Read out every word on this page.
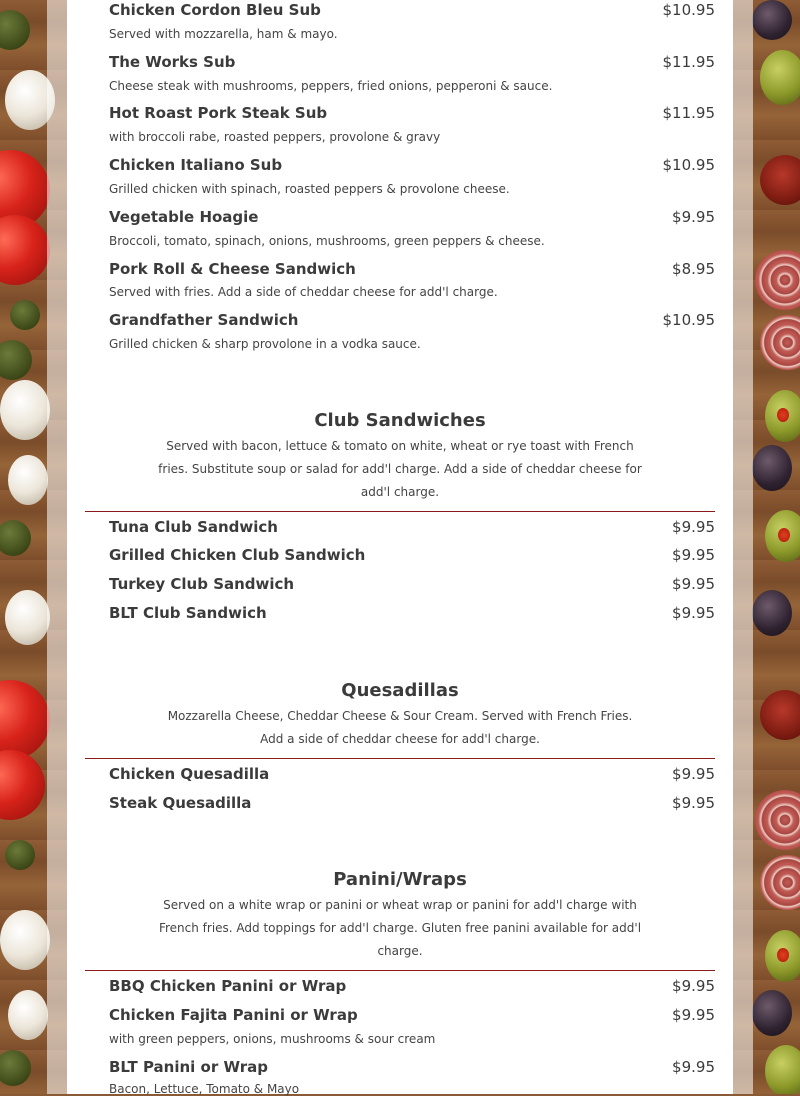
Chicken Cordon Bleu Sub	$10.95
Served with mozzarella, ham & mayo.
The Works Sub	$11.95
Cheese steak with mushrooms, peppers, fried onions, pepperoni & sauce.
Hot Roast Pork Steak Sub	$11.95
with broccoli rabe, roasted peppers, provolone & gravy
Chicken Italiano Sub	$10.95
Grilled chicken with spinach, roasted peppers & provolone cheese.
Vegetable Hoagie	$9.95
Broccoli, tomato, spinach, onions, mushrooms, green peppers & cheese.
Pork Roll & Cheese Sandwich	$8.95
Served with fries. Add a side of cheddar cheese for add'l charge.
Grandfather Sandwich	$10.95
Grilled chicken & sharp provolone in a vodka sauce.
Club Sandwiches
Served with bacon, lettuce & tomato on white, wheat or rye toast with French
fries. Substitute soup or salad for add'l charge. Add a side of cheddar cheese for
add'l charge.
Tuna Club Sandwich	$9.95
Grilled Chicken Club Sandwich	$9.95
Turkey Club Sandwich	$9.95
BLT Club Sandwich	$9.95
Quesadillas
Mozzarella Cheese, Cheddar Cheese & Sour Cream. Served with French Fries.
Add a side of cheddar cheese for add'l charge.
Chicken Quesadilla	$9.95
Steak Quesadilla	$9.95
Panini/Wraps
Served on a white wrap or panini or wheat wrap or panini for add'l charge with
French fries. Add toppings for add'l charge. Gluten free panini available for add'l
charge.
BBQ Chicken Panini or Wrap	$9.95
Chicken Fajita Panini or Wrap	$9.95
with green peppers, onions, mushrooms & sour cream
BLT Panini or Wrap	$9.95
Bacon, Lettuce, Tomato & Mayo
